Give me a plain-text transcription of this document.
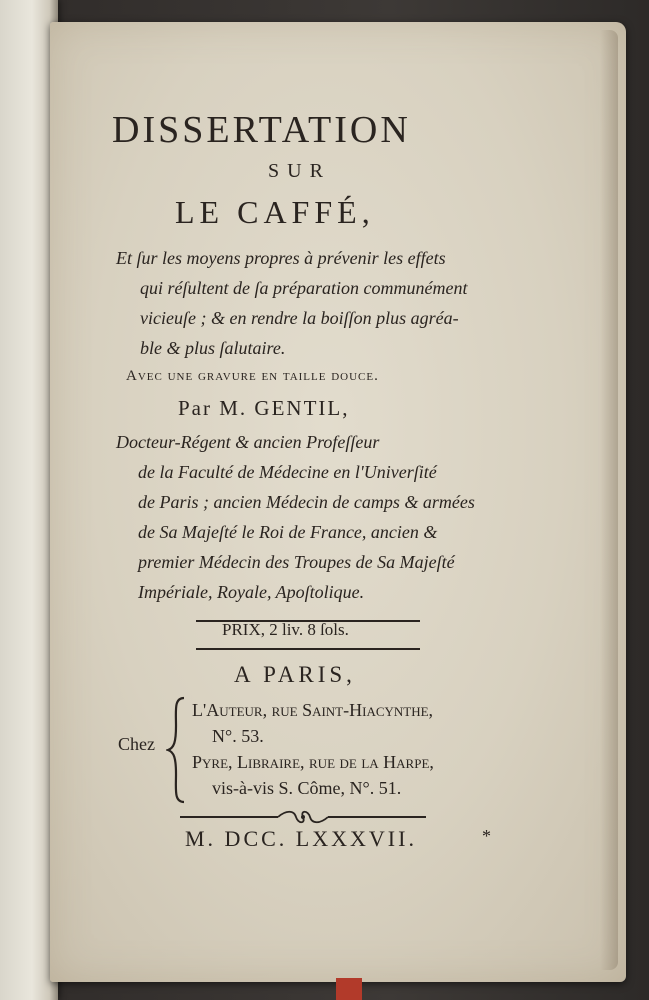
DISSERTATION
SUR
LE CAFFÉ,
Et ſur les moyens propres à prévenir les effets
qui réſultent de ſa préparation communément
vicieuſe ; & en rendre la boiſſon plus agréa-
ble & plus ſalutaire.
Avec une gravure en taille douce.
Par M. GENTIL,
Docteur-Régent & ancien Profeſſeur
de la Faculté de Médecine en l'Univerſité
de Paris ; ancien Médecin de camps & armées
de Sa Majeſté le Roi de France, ancien &
premier Médecin des Troupes de Sa Majeſté
Impériale, Royale, Apoſtolique.
PRIX, 2 liv. 8 ſols.
A PARIS,
Chez
L'Auteur, rue Saint-Hiacynthe,
N°. 53.
Pyre, Libraire, rue de la Harpe,
vis-à-vis S. Côme, N°. 51.
M. DCC. LXXXVII.	*
